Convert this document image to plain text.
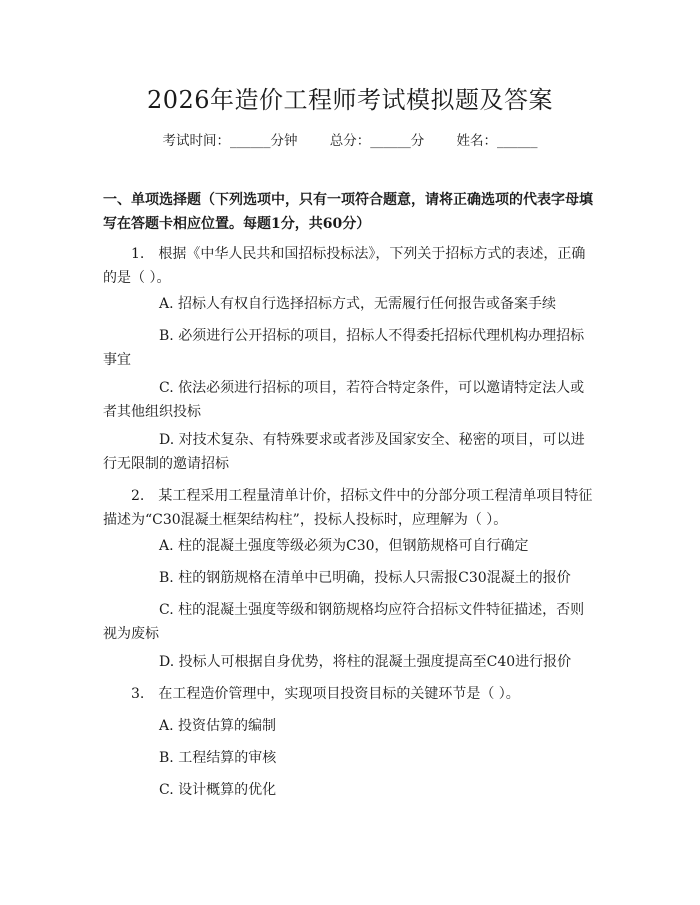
2026年造价工程师考试模拟题及答案
考试时间：______分钟 总分：______分 姓名：______
一、单项选择题（下列选项中，只有一项符合题意，请将正确选项的代表字母填写在答题卡相应位置。每题1分，共60分）
1.　根据《中华人民共和国招标投标法》，下列关于招标方式的表述，正确的是（ ）。
A. 招标人有权自行选择招标方式，无需履行任何报告或备案手续
B. 必须进行公开招标的项目，招标人不得委托招标代理机构办理招标事宜
C. 依法必须进行招标的项目，若符合特定条件，可以邀请特定法人或者其他组织投标
D. 对技术复杂、有特殊要求或者涉及国家安全、秘密的项目，可以进行无限制的邀请招标
2.　某工程采用工程量清单计价，招标文件中的分部分项工程清单项目特征描述为“C30混凝土框架结构柱”，投标人投标时，应理解为（ ）。
A. 柱的混凝土强度等级必须为C30，但钢筋规格可自行确定
B. 柱的钢筋规格在清单中已明确，投标人只需报C30混凝土的报价
C. 柱的混凝土强度等级和钢筋规格均应符合招标文件特征描述，否则视为废标
D. 投标人可根据自身优势，将柱的混凝土强度提高至C40进行报价
3.　在工程造价管理中，实现项目投资目标的关键环节是（ ）。
A. 投资估算的编制
B. 工程结算的审核
C. 设计概算的优化
